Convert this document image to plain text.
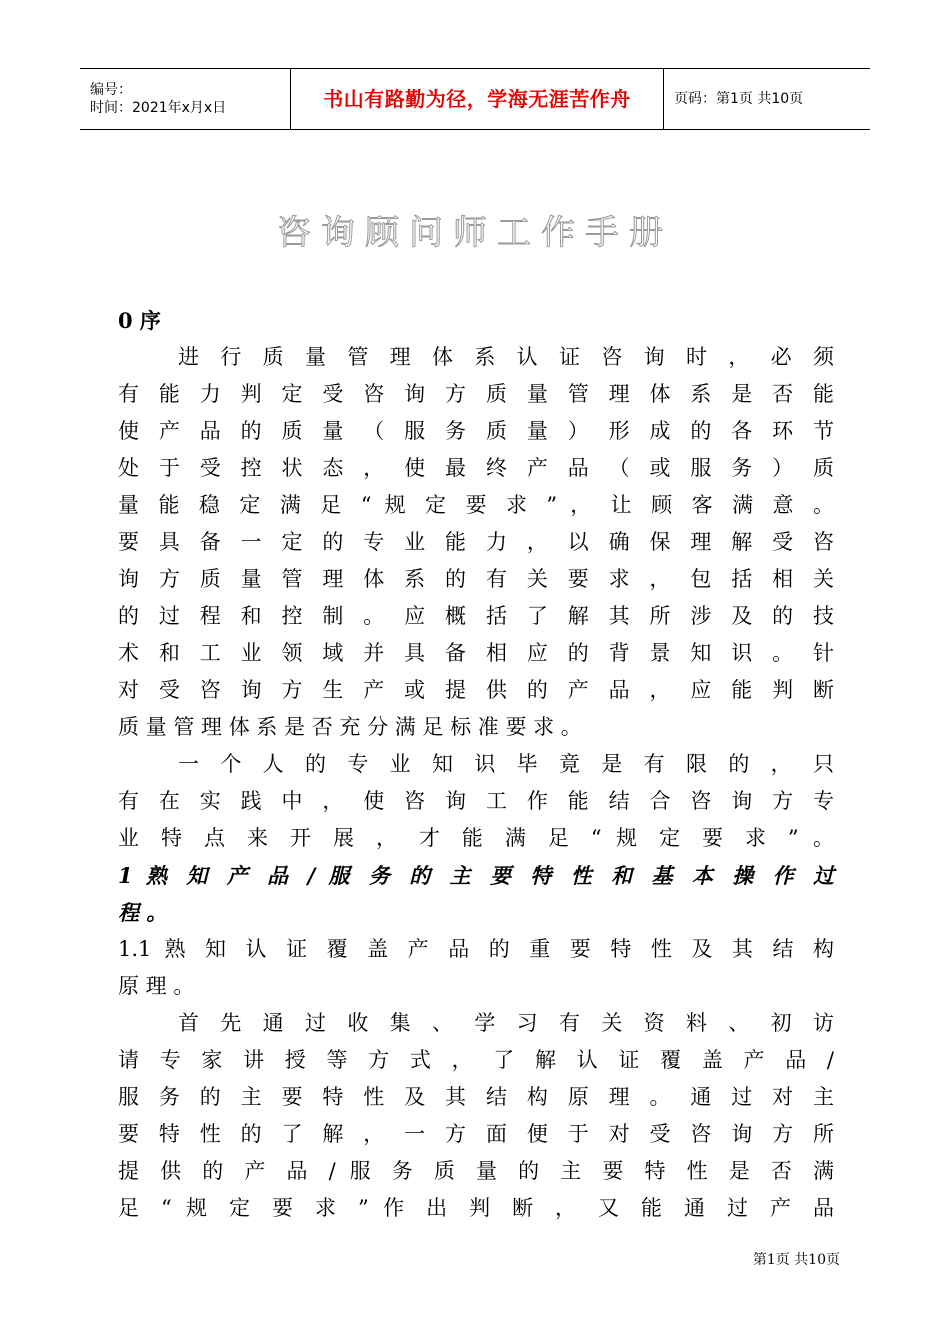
编号：
时间：2021年x月x日	书山有路勤为径，学海无涯苦作舟	页码：第1页 共10页
咨询顾问师工作手册
0 序
进 行 质 量 管 理 体 系 认 证 咨 询 时 ， 必 须
有 能 力 判 定 受 咨 询 方 质 量 管 理 体 系 是 否 能
使 产 品 的 质 量 （ 服 务 质 量 ） 形 成 的 各 环 节
处 于 受 控 状 态 ， 使 最 终 产 品 （ 或 服 务 ） 质
量 能 稳 定 满 足 “ 规 定 要 求 ” ， 让 顾 客 满 意 。
要 具 备 一 定 的 专 业 能 力 ， 以 确 保 理 解 受 咨
询 方 质 量 管 理 体 系 的 有 关 要 求 ， 包 括 相 关
的 过 程 和 控 制 。 应 概 括 了 解 其 所 涉 及 的 技
术 和 工 业 领 域 并 具 备 相 应 的 背 景 知 识 。 针
对 受 咨 询 方 生 产 或 提 供 的 产 品 ， 应 能 判 断
质 量 管 理 体 系 是 否 充 分 满 足 标 准 要 求 。
一 个 人 的 专 业 知 识 毕 竟 是 有 限 的 ， 只
有 在 实 践 中 ， 使 咨 询 工 作 能 结 合 咨 询 方 专
业 特 点 来 开 展 ， 才 能 满 足 “ 规 定 要 求 ” 。
1 熟 知 产 品 / 服 务 的 主 要 特 性 和 基 本 操 作 过
程 。
1.1 熟 知 认 证 覆 盖 产 品 的 重 要 特 性 及 其 结 构
原 理 。
首 先 通 过 收 集 、 学 习 有 关 资 料 、 初 访
请 专 家 讲 授 等 方 式 ， 了 解 认 证 覆 盖 产 品 /
服 务 的 主 要 特 性 及 其 结 构 原 理 。 通 过 对 主
要 特 性 的 了 解 ， 一 方 面 便 于 对 受 咨 询 方 所
提 供 的 产 品 / 服 务 质 量 的 主 要 特 性 是 否 满
足 “ 规 定 要 求 ” 作 出 判 断 ， 又 能 通 过 产 品
第1页 共10页
